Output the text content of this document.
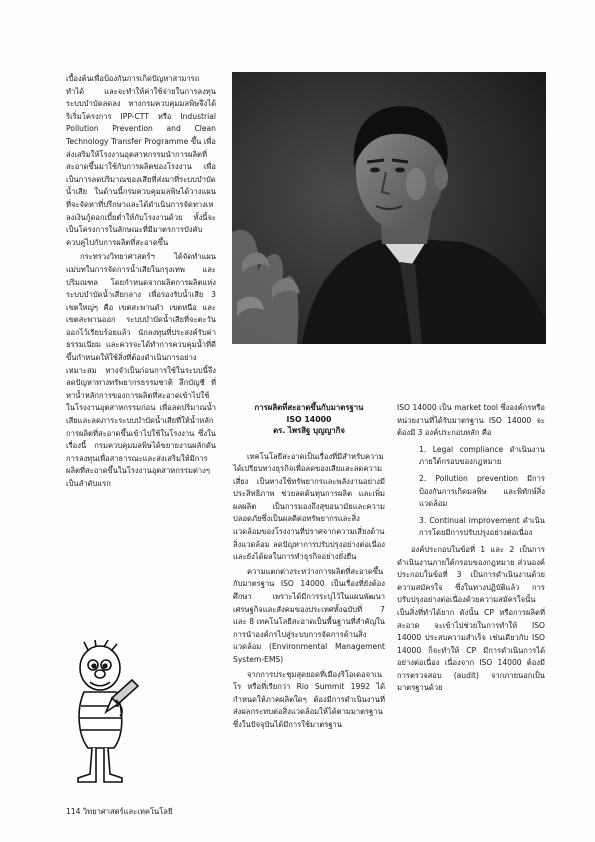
เบื้องต้นเพื่อป้องกันการเกิดปัญหาสามารถทำได้ และจะทำให้ค่าใช้จ่ายในการลงทุนระบบบำบัดลดลง ทางกรมควบคุมมลพิษจึงได้ริเริ่มโครงการ IPP-CTT หรือ Industrial Pollution Prevention and Clean Technology Transfer Programme ขึ้น เพื่อส่งเสริมให้โรงงานอุตสาหกรรมนำการผลิตที่สะอาดขึ้นมาใช้กับการผลิตของโรงงาน เพื่อเป็นการลดปริมาณของเสียที่ส่งมาที่ระบบบำบัดน้ำเสีย ในด้านนี้กรมควบคุมมลพิษได้วางแผนที่จะจัดหาที่ปรึกษาและได้ดำเนินการจัดทางเหลงเงินกู้ดอกเบี้ยต่ำให้กับโรงงานด้วย ทั้งนี้จะเป็นโครงการในลักษณะที่มีมาตรการบังคับควบคู่ไปกับการผลิตที่สะอาดขึ้น

กระทรวงวิทยาศาสตร์ฯ ได้จัดทำแผนแม่บทในการจัดการน้ำเสียในกรุงเทพ และปริมณฑล โดยกำหนดจากผลิตการผลิตแห่งระบบบำบัดน้ำเสียกลาง เพื่อรองรับน้ำเสีย 3 เขตใหญ่ๆ คือ เขตสะพานดำ เขตหนือ และเขตสะพานออก ระบบบำบัดน้ำเสียที่จะตะวันออกไว้เรียบร้อยแล้ว นักลงทุนที่ประสงค์รับค่าธรรมเนียม และควรจะได้ทำการควบคุมน้ำที่ดีขึ้นกำหนดให้ใช้สิ่งที่ต้องดำเนินการอย่างเหมาะสม ทางจำเป็นก่อนการใช้ในระบบนี้จึงลดปัญหาทางทรัพยากรธรรมชาติ ลึกบัญชี ที่หาน้ำหลักการของการผลิตที่สะอาดเข้าไปใช้ในโรงงานอุตสาหกรรมก่อน เพื่อลดปริมาณน้ำเสียและลดภาระระบบบำบัดน้ำเสียที่ให้น้ำหลักการผลิตที่สะอาดขึ้นเข้าไปใช้ในโรงงาน ซึ่งในเรื่องนี้ กรมควบคุมมลพิษได้ขยายงานผลักดันการลงทุนเพื่อสาธารณะและส่งเสริมให้มีการผลิตที่สะอาดขึ้นในโรงงานอุตสาหกรรมต่างๆ เป็นลำดับแรก

การผลิตที่สะอาดขึ้นกับมาตรฐาน
ISO 14000
ดร. ไพรสิฐ บุญญากิจ

เทคโนโลยีสะอาดเป็นเรื่องที่มีสำหรับความได้เปรียบทางธุรกิจเพื่อลดของเสียและลดความเสี่ยง เป็นทางใช้ทรัพยากรและพลังงานอย่างมีประสิทธิภาพ ช่วยลดต้นทุนการผลิต และเพิ่มผลผลิต เป็นการมองถึงสุขอนามัยและความปลอดภัยซึ่งเป็นผลดีต่อทรัพยากรและสิ่งแวดล้อมของโรงงานที่ปราศจากความเสี่ยงด้านสิ่งแวดล้อม ลดปัญหาการปรับปรุงอย่างต่อเนื่องและยังได้ผลในการทำธุรกิจอย่างยั่งยืน

ความแตกต่างระหว่างการผลิตที่สะอาดขึ้นกับมาตรฐาน ISO 14000 เป็นเรื่องที่ยังต้องศึกษา เพราะได้มีการระบุไว้ในแผนพัฒนาเศรษฐกิจและสังคมของประเทศทั้งฉบับที่ 7 และ 8 เทคโนโลยีสะอาดเป็นพื้นฐานที่สำคัญในการนำองค์กรไปสู่ระบบการจัดการด้านสิ่งแวดล้อม (Environmental Management System-EMS)

จากการประชุมสุดยอดที่เมืองริโอเดอจาเนโร หรือที่เรียกว่า Rio Summit 1992 ได้กำหนดให้ภาคผลิตใดๆ ต้องมีการดำเนินงานที่ส่งผลกระทบต่อสิ่งแวดล้อมให้ได้ตามมาตรฐาน ซึ่งในปัจจุบันได้มีการใช้มาตรฐาน

ISO 14000 เป็น market tool ซึ่งองค์กรหรือหน่วยงานที่ได้รับมาตรฐาน ISO 14000 จะต้องมี 3 องค์ประกอบหลัก คือ

1. Legal compliance ดำเนินงานภายใต้กรอบของกฎหมาย

2. Pollution prevention มีการป้องกันการเกิดมลพิษ และพิทักษ์สิ่งแวดล้อม

3. Continual improvement ดำเนินการโดยมีการปรับปรุงอย่างต่อเนื่อง

องค์ประกอบในข้อที่ 1 และ 2 เป็นการดำเนินงานภายใต้กรอบของกฎหมาย ส่วนองค์ประกอบในข้อที่ 3 เป็นการดำเนินงานด้วยความสมัครใจ ซึ่งในทางปฏิบัติแล้ว การปรับปรุงอย่างต่อเนื่องด้วยความสมัครใจนั้นเป็นสิ่งที่ทำได้ยาก ดังนั้น CP หรือการผลิตที่สะอาด จะเข้าไปช่วยในการทำให้ ISO 14000 ประสบความสำเร็จ เช่นเดียวกับ ISO 14000 ก็จะทำให้ CP มีการดำเนินการได้อย่างต่อเนื่อง เนื่องจาก ISO 14000 ต้องมีการตรวจสอบ (audit) จากภายนอกเป็นมาตรฐานด้วย

114 วิทยาศาสตร์และเทคโนโลยี
